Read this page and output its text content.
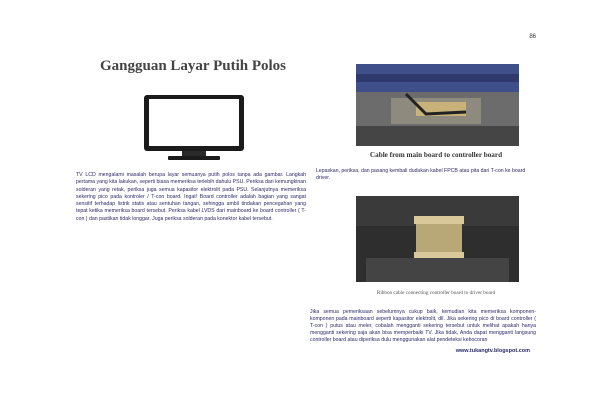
86
Gangguan Layar Putih Polos
TV LCD mengalami masalah berupa layar semuanya putih polos tanpa ada gambar. Langkah pertama yang kita lakukan, seperti biasa memeriksa terlebih dahulu PSU. Periksa dari kemungkinan solderan yang retak, periksa juga semua kapasitor elektrolit pada PSU. Selanjutnya memeriksa sekering pico pada kontroler / T-con board. Ingat! Board controller adalah bagian yang sangat sensitif terhadap listrik statis atau sentuhan tangan, sehingga ambil tindakan pencegahan yang tepat ketika memeriksa board tersebut. Periksa kabel LVDS dari mainboard ke board controller ( T-con ) dan pastikan tidak longgar. Juga periksa solderan pada konektor kabel tersebut.
Cable from main board to controller board
Lepaskan, periksa, dan pasang kembali dudukan kabel FPCB atau pita dari T-con ke board driver.
Ribbon cable connecting controller board to driver board
Jika semua pemeriksaan sebelumnya cukup baik, kemudian kita memeriksa komponen-komponen pada mainboard seperti kapasitor elektrolit, dll. Jika sekering pico di board controller ( T-con ) putus atau meler, cobalah mengganti sekering tersebut untuk melihat apakah hanya mengganti sekering saja akan bisa memperbaiki TV. Jika tidak, Anda dapat mengganti langsung controller board atau diperiksa dulu menggunakan alat pendeteksi kebocoran
www.tukangtv.blogspot.com
